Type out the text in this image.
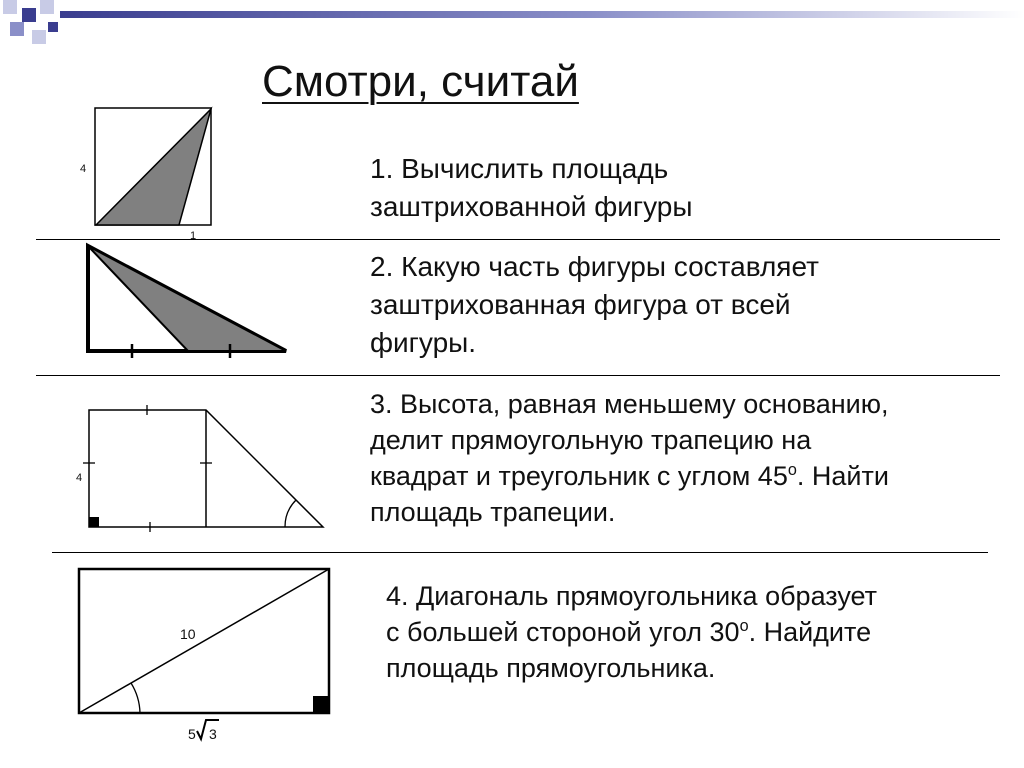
Смотри, считай
4
1
4
10
5 3
1. Вычислить площадь
заштрихованной фигуры
2. Какую часть фигуры составляет
заштрихованная фигура от всей
фигуры.
3. Высота, равная меньшему основанию,
делит прямоугольную трапецию на
квадрат и треугольник с углом 45$^o$. Найти
площадь трапеции.
4. Диагональ прямоугольника образует
с большей стороной угол 30$^o$. Найдите
площадь прямоугольника.
